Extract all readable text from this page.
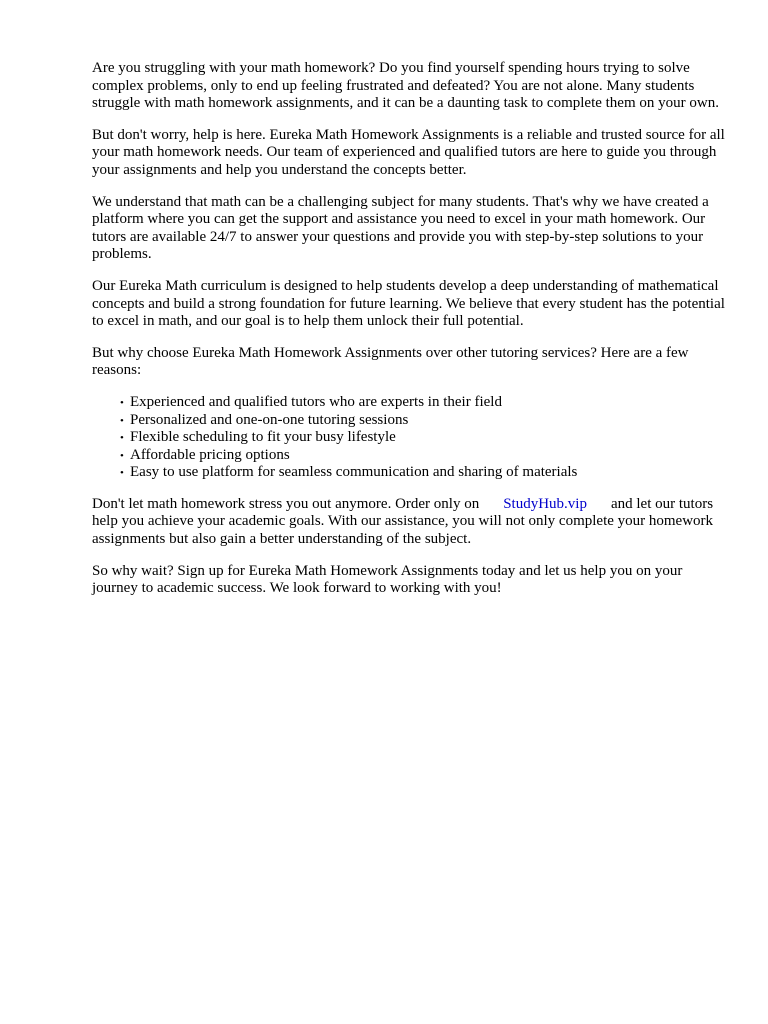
Are you struggling with your math homework? Do you find yourself spending hours trying to solve complex problems, only to end up feeling frustrated and defeated? You are not alone. Many students struggle with math homework assignments, and it can be a daunting task to complete them on your own.

But don't worry, help is here. Eureka Math Homework Assignments is a reliable and trusted source for all your math homework needs. Our team of experienced and qualified tutors are here to guide you through your assignments and help you understand the concepts better.

We understand that math can be a challenging subject for many students. That's why we have created a platform where you can get the support and assistance you need to excel in your math homework. Our tutors are available 24/7 to answer your questions and provide you with step-by-step solutions to your problems.

Our Eureka Math curriculum is designed to help students develop a deep understanding of mathematical concepts and build a strong foundation for future learning. We believe that every student has the potential to excel in math, and our goal is to help them unlock their full potential.

But why choose Eureka Math Homework Assignments over other tutoring services? Here are a few reasons:

• Experienced and qualified tutors who are experts in their field
• Personalized and one-on-one tutoring sessions
• Flexible scheduling to fit your busy lifestyle
• Affordable pricing options
• Easy to use platform for seamless communication and sharing of materials

Don't let math homework stress you out anymore. Order only on StudyHub.vip and let our tutors help you achieve your academic goals. With our assistance, you will not only complete your homework assignments but also gain a better understanding of the subject.

So why wait? Sign up for Eureka Math Homework Assignments today and let us help you on your journey to academic success. We look forward to working with you!
